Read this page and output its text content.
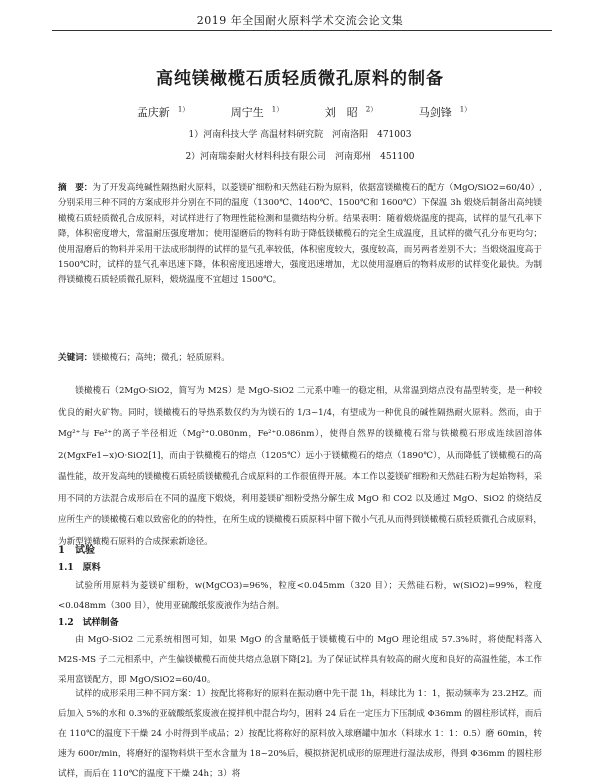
2019 年全国耐火原料学术交流会论文集
高纯镁橄榄石质轻质微孔原料的制备
孟庆新 $^{1)}$	周宁生 $^{1)}$	刘　昭 $^{2)}$	马剑锋 $^{1)}$
1）河南科技大学 高温材料研究院　河南洛阳　471003
2）河南瑞泰耐火材料科技有限公司　河南郑州　451100

摘　要：为了开发高纯碱性隔热耐火原料，以菱镁矿细粉和天然硅石粉为原料，依据富镁橄榄石的配方（MgO/SiO2=60/40）,分别采用三种不同的方案成形并分别在不同的温度（1300℃、1400℃、1500℃和 1600℃）下保温 3h 煅烧后制备出高纯镁橄榄石质轻质微孔合成原料，对试样进行了物理性能检测和显微结构分析。结果表明：随着煅烧温度的提高，试样的显气孔率下降，体积密度增大，常温耐压强度增加；使用湿磨后的物料有助于降低镁橄榄石的完全生成温度，且试样的微气孔分布更均匀；使用湿磨后的物料并采用干法成形制得的试样的显气孔率较低，体积密度较大，强度较高，而另两者差别不大；当煅烧温度高于 1500℃时，试样的显气孔率迅速下降，体积密度迅速增大，强度迅速增加，尤以使用湿磨后的物料成形的试样变化最快。为制得镁橄榄石质轻质微孔原料，煅烧温度不宜超过 1500℃。

关键词：镁橄榄石；高纯；微孔；轻质原料。

镁橄榄石（2MgO·SiO2，简写为 M2S）是 MgO-SiO2 二元系中唯一的稳定相，从常温到熔点没有晶型转变，是一种较优良的耐火矿物。同时，镁橄榄石的导热系数仅约为为镁石的 1/3~1/4，有望成为一种优良的碱性隔热耐火原料。然而，由于 Mg²⁺与 Fe²⁺的离子半径相近（Mg²⁺0.080nm，Fe²⁺0.086nm），使得自然界的镁橄榄石常与铁橄榄石形成连续固溶体 2(MgxFe1−x)O·SiO2[1]，而由于铁橄榄石的熔点（1205℃）远小于镁橄榄石的熔点（1890℃），从而降低了镁橄榄石的高温性能，故开发高纯的镁橄榄石质轻质镁橄榄孔合成原料的工作很值得开展。本工作以菱镁矿细粉和天然硅石粉为起始物料，采用不同的方法混合成形后在不同的温度下煅烧，利用菱镁矿细粉受热分解生成 MgO 和 CO2 以及通过 MgO、SiO2 的烧结反应所生产的镁橄榄石难以致密化的的特性，在所生成的镁橄榄石质原料中留下微小气孔从而得到镁橄榄石质轻质微孔合成原料，为新型镁橄榄石原料的合成探索新途径。

1　试验
1.1　原料

试验所用原料为菱镁矿细粉，w(MgCO3)=96%，粒度<0.045mm（320 目）；天然硅石粉，w(SiO2)=99%，粒度<0.048mm（300 目），使用亚硫酸纸浆废液作为结合剂。

1.2　试样制备

由 MgO-SiO2 二元系统相图可知，如果 MgO 的含量略低于镁橄榄石中的 MgO 理论组成 57.3%时，将使配料落入 M2S-MS 子二元相系中，产生偏镁橄榄石而使共熔点急剧下降[2]。为了保证试样具有较高的耐火度和良好的高温性能，本工作采用富镁配方，即 MgO/SiO2=60/40。

试样的成形采用三种不同方案：1）按配比将称好的原料在振动磨中先干混 1h，料球比为 1：1，振动频率为 23.2HZ。而后加入 5%的水和 0.3%的亚硫酸纸浆废液在搅拌机中混合均匀，困料 24 后在一定压力下压制成 Φ36mm 的圆柱形试样，而后在 110℃的温度下干燥 24 小时得到半成品；2）按配比将称好的原料放入球磨罐中加水（料球水 1：1：0.5）磨 60min，转速为 600r/min，将磨好的湿物料烘干至水含量为 18~20%后，模拟挤泥机成形的原理进行湿法成形，得到 Φ36mm 的圆柱形试样，而后在 110℃的温度下干燥 24h；3）将
